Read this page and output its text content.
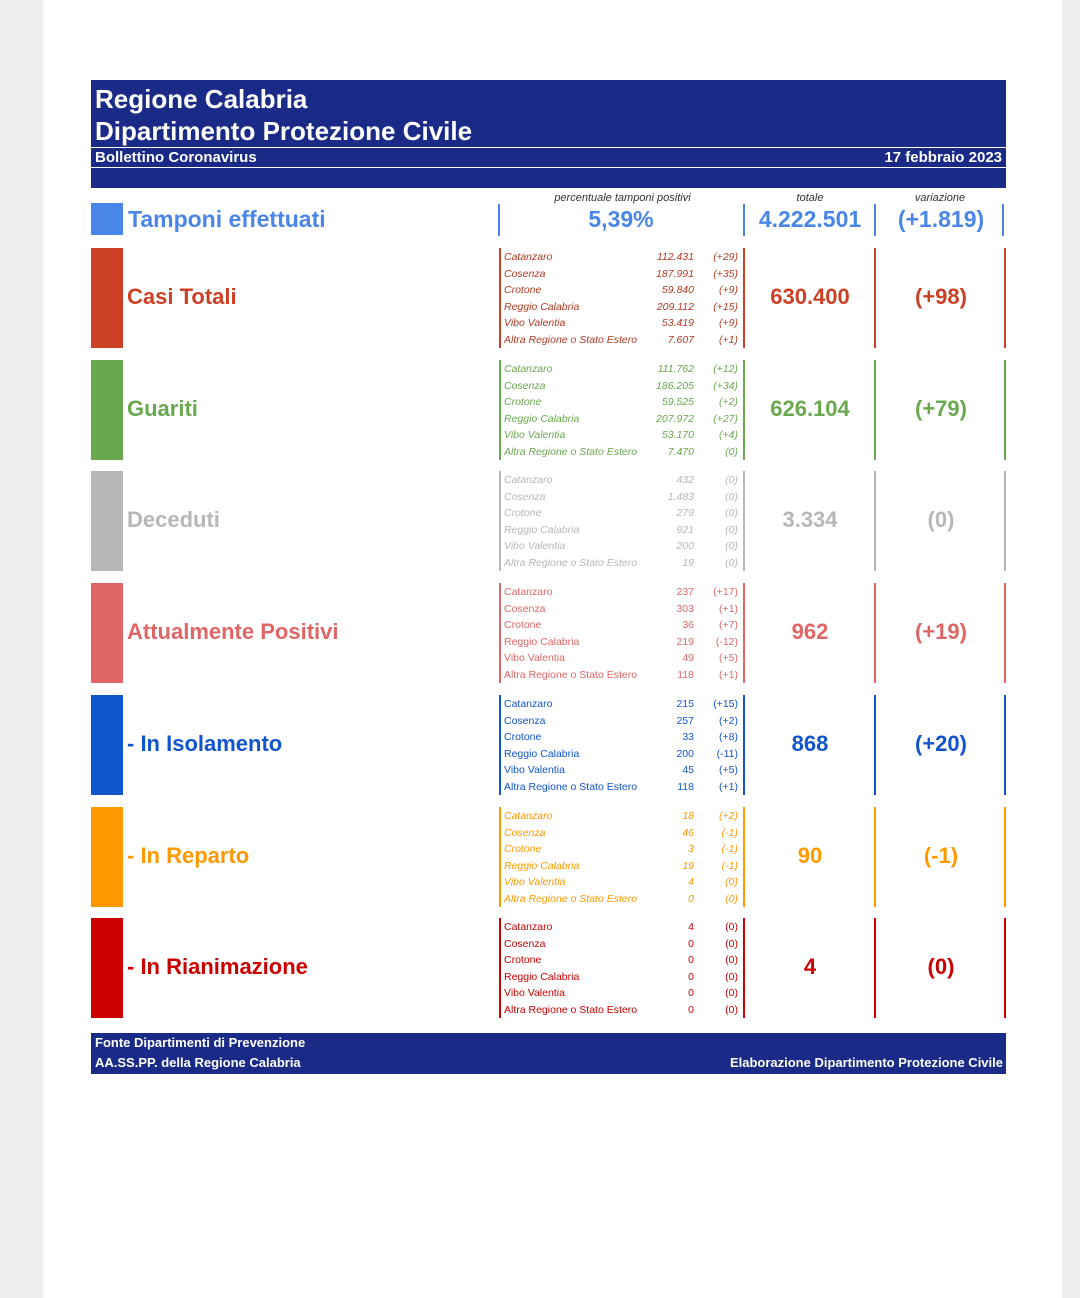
Regione Calabria
Dipartimento Protezione Civile
Bollettino Coronavirus	17 febbraio 2023
percentuale tamponi positivi	totale	variazione
Tamponi effettuati	5,39%	4.222.501	(+1.819)
Casi Totali
Catanzaro	112.431 (+29)
Cosenza	187.991 (+35)
Crotone	59.840 (+9)
Reggio Calabria	209.112 (+15)
Vibo Valentia	53.419 (+9)
Altra Regione o Stato Estero	7.607 (+1)
630.400	(+98)
Guariti
Catanzaro	111.762 (+12)
Cosenza	186.205 (+34)
Crotone	59.525 (+2)
Reggio Calabria	207.972 (+27)
Vibo Valentia	53.170 (+4)
Altra Regione o Stato Estero	7.470	(0)
626.104	(+79)
Deceduti
Catanzaro	432	(0)
Cosenza	1.483	(0)
Crotone	279	(0)
Reggio Calabria	921	(0)
Vibo Valentia	200	(0)
Altra Regione o Stato Estero	19	(0)
3.334	(0)
Attualmente Positivi
Catanzaro	237 (+17)
Cosenza	303 (+1)
Crotone	36 (+7)
Reggio Calabria	219 (-12)
Vibo Valentia	49 (+5)
Altra Regione o Stato Estero	118 (+1)
962	(+19)
- In Isolamento
Catanzaro	215 (+15)
Cosenza	257 (+2)
Crotone	33 (+8)
Reggio Calabria	200 (-11)
Vibo Valentia	45 (+5)
Altra Regione o Stato Estero	118 (+1)
868	(+20)
- In Reparto
Catanzaro	18 (+2)
Cosenza	46	(-1)
Crotone	3	(-1)
Reggio Calabria	19	(-1)
Vibo Valentia	4	(0)
Altra Regione o Stato Estero	0	(0)
90	(-1)
- In Rianimazione
Catanzaro	4	(0)
Cosenza	0	(0)
Crotone	0	(0)
Reggio Calabria	0	(0)
Vibo Valentia	0	(0)
Altra Regione o Stato Estero	0	(0)
4	(0)
Fonte Dipartimenti di Prevenzione
AA.SS.PP. della Regione Calabria	Elaborazione Dipartimento Protezione Civile
